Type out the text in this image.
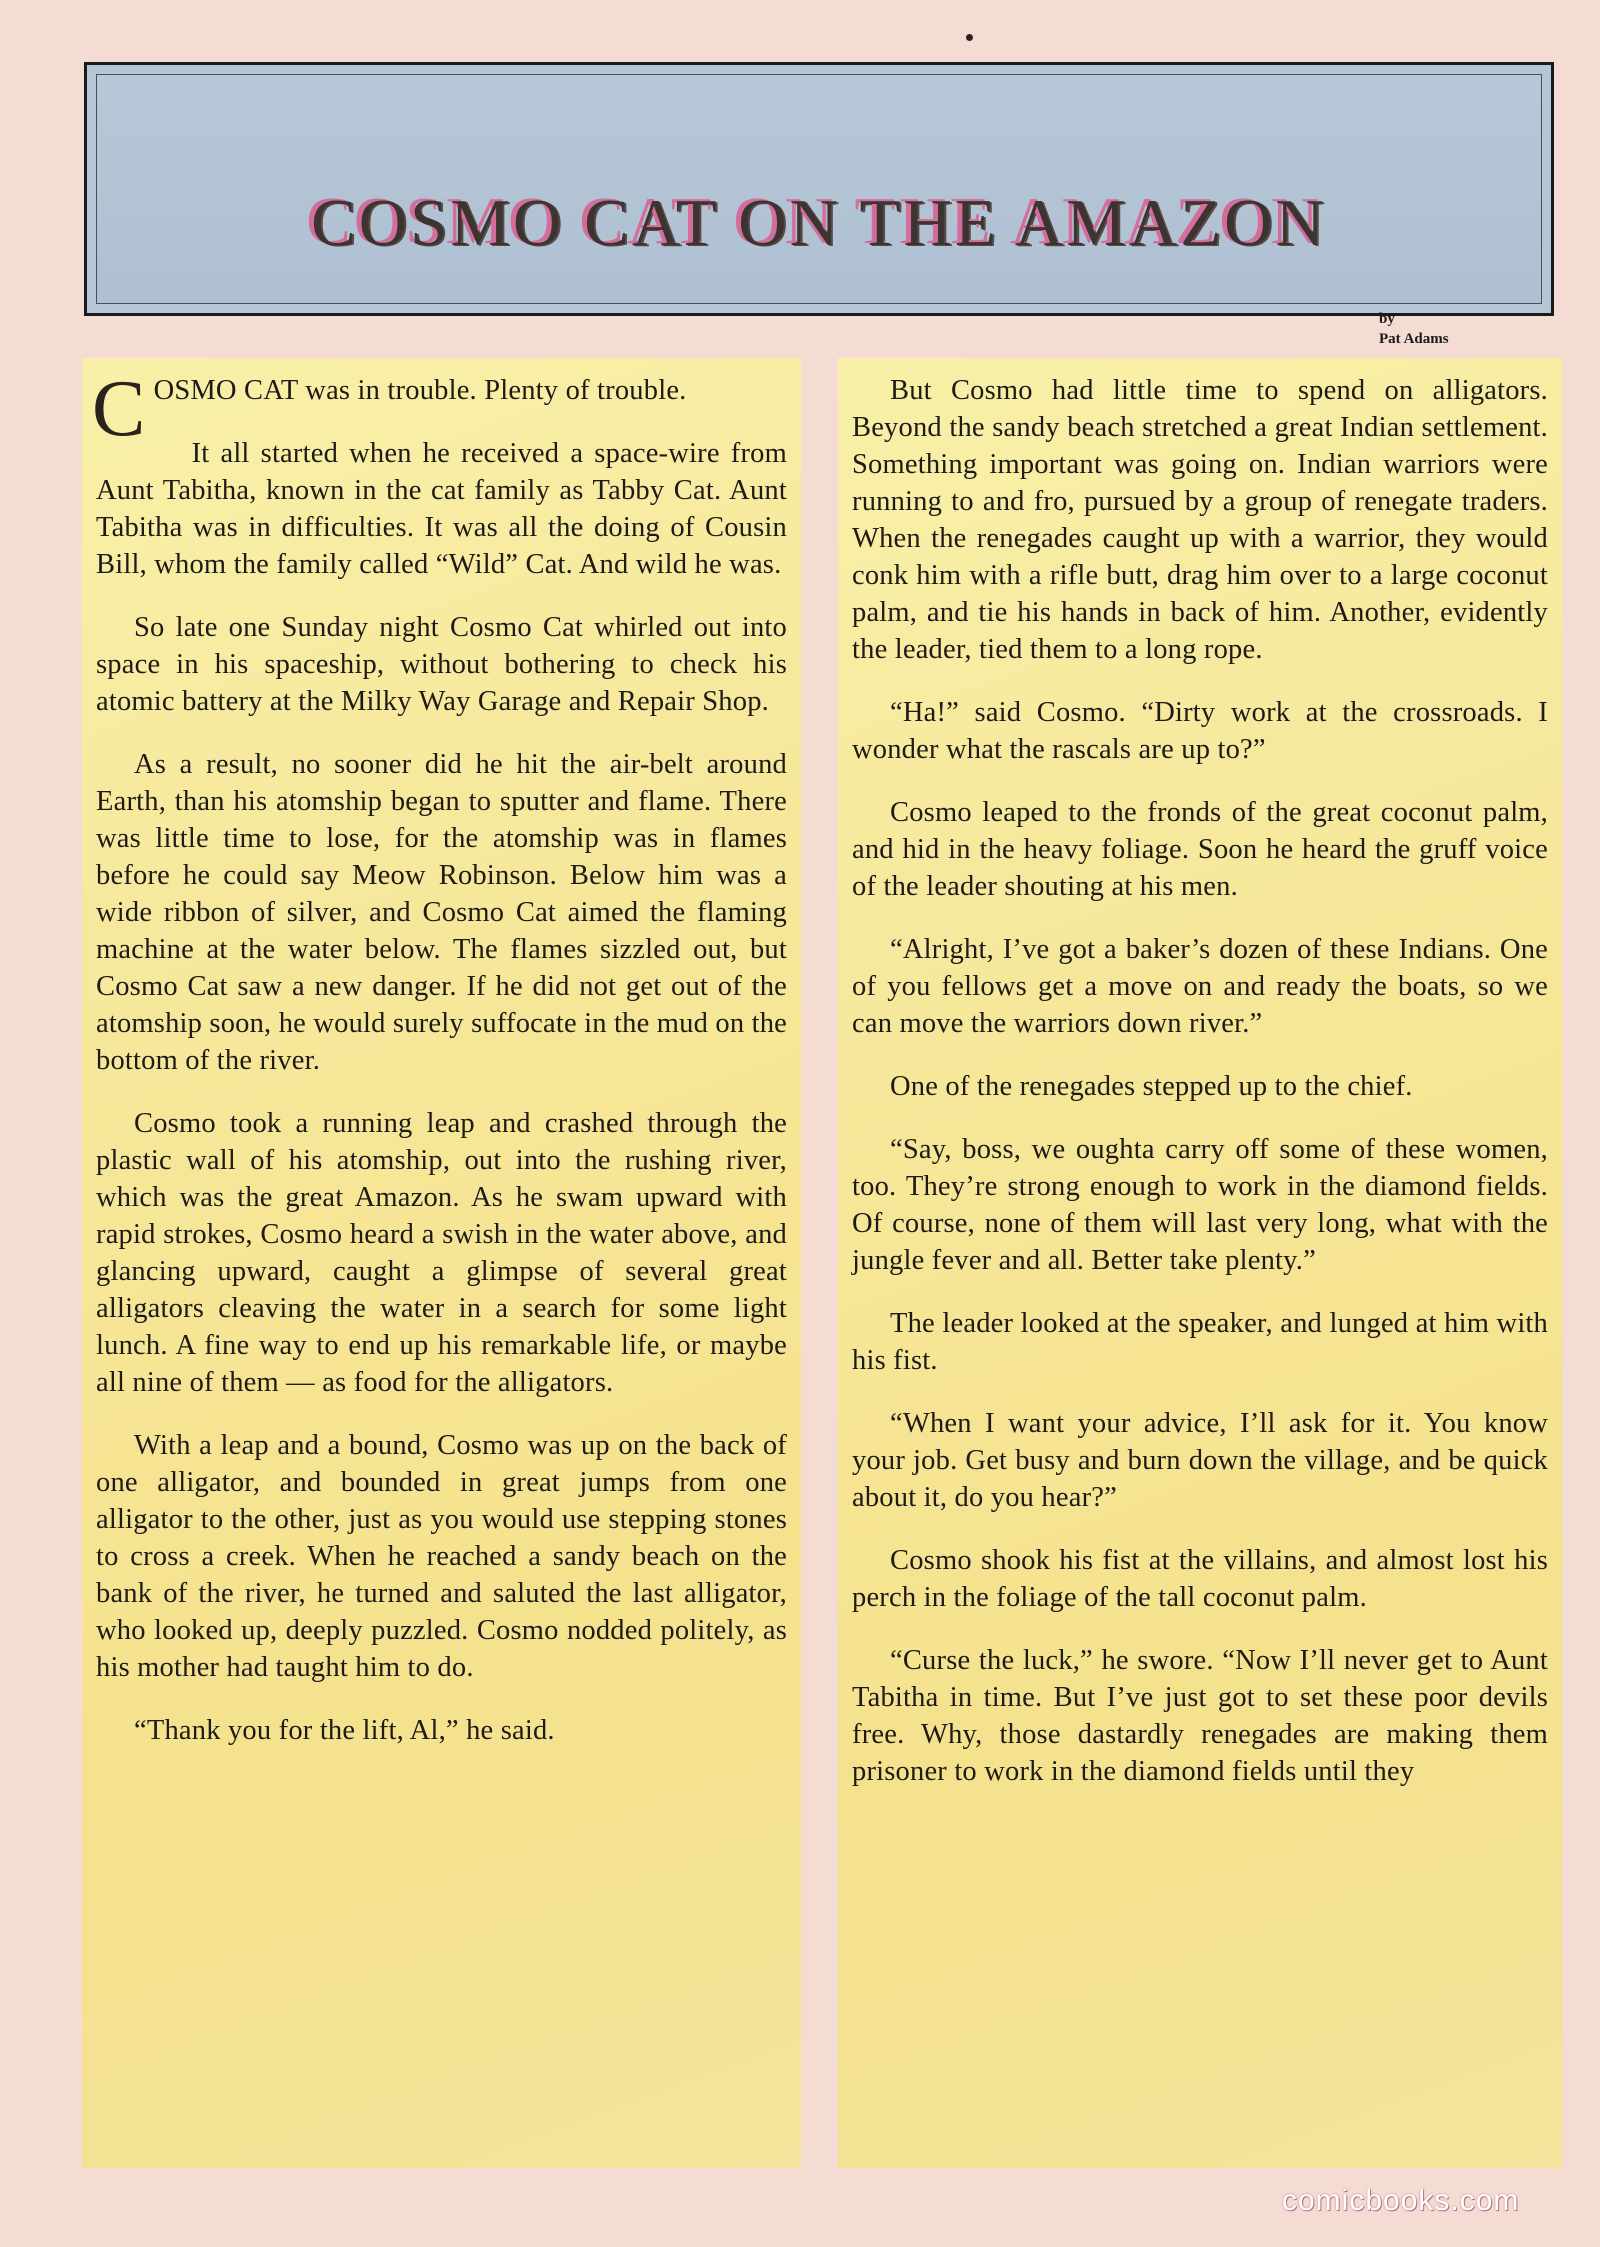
COSMO CAT ON THE AMAZON
by
Pat Adams

COSMO CAT was in trouble. Plenty of trouble.

It all started when he received a space-wire from Aunt Tabitha, known in the cat family as Tabby Cat. Aunt Tabitha was in difficulties. It was all the doing of Cousin Bill, whom the family called “Wild” Cat. And wild he was.

So late one Sunday night Cosmo Cat whirled out into space in his spaceship, without bothering to check his atomic battery at the Milky Way Garage and Repair Shop.

As a result, no sooner did he hit the air-belt around Earth, than his atomship began to sputter and flame. There was little time to lose, for the atomship was in flames before he could say Meow Robinson. Below him was a wide ribbon of silver, and Cosmo Cat aimed the flaming machine at the water below. The flames sizzled out, but Cosmo Cat saw a new danger. If he did not get out of the atomship soon, he would surely suffocate in the mud on the bottom of the river.

Cosmo took a running leap and crashed through the plastic wall of his atomship, out into the rushing river, which was the great Amazon. As he swam upward with rapid strokes, Cosmo heard a swish in the water above, and glancing upward, caught a glimpse of several great alligators cleaving the water in a search for some light lunch. A fine way to end up his remarkable life, or maybe all nine of them — as food for the alligators.

With a leap and a bound, Cosmo was up on the back of one alligator, and bounded in great jumps from one alligator to the other, just as you would use stepping stones to cross a creek. When he reached a sandy beach on the bank of the river, he turned and saluted the last alligator, who looked up, deeply puzzled. Cosmo nodded politely, as his mother had taught him to do.

“Thank you for the lift, Al,” he said.

But Cosmo had little time to spend on alligators. Beyond the sandy beach stretched a great Indian settlement. Something important was going on. Indian warriors were running to and fro, pursued by a group of renegate traders. When the renegades caught up with a warrior, they would conk him with a rifle butt, drag him over to a large coconut palm, and tie his hands in back of him. Another, evidently the leader, tied them to a long rope.

“Ha!” said Cosmo. “Dirty work at the crossroads. I wonder what the rascals are up to?”

Cosmo leaped to the fronds of the great coconut palm, and hid in the heavy foliage. Soon he heard the gruff voice of the leader shouting at his men.

“Alright, I’ve got a baker’s dozen of these Indians. One of you fellows get a move on and ready the boats, so we can move the warriors down river.”

One of the renegades stepped up to the chief.

“Say, boss, we oughta carry off some of these women, too. They’re strong enough to work in the diamond fields. Of course, none of them will last very long, what with the jungle fever and all. Better take plenty.”

The leader looked at the speaker, and lunged at him with his fist.

“When I want your advice, I’ll ask for it. You know your job. Get busy and burn down the village, and be quick about it, do you hear?”

Cosmo shook his fist at the villains, and almost lost his perch in the foliage of the tall coconut palm.

“Curse the luck,” he swore. “Now I’ll never get to Aunt Tabitha in time. But I’ve just got to set these poor devils free. Why, those dastardly renegades are making them prisoner to work in the diamond fields until they

comicbooks.com
